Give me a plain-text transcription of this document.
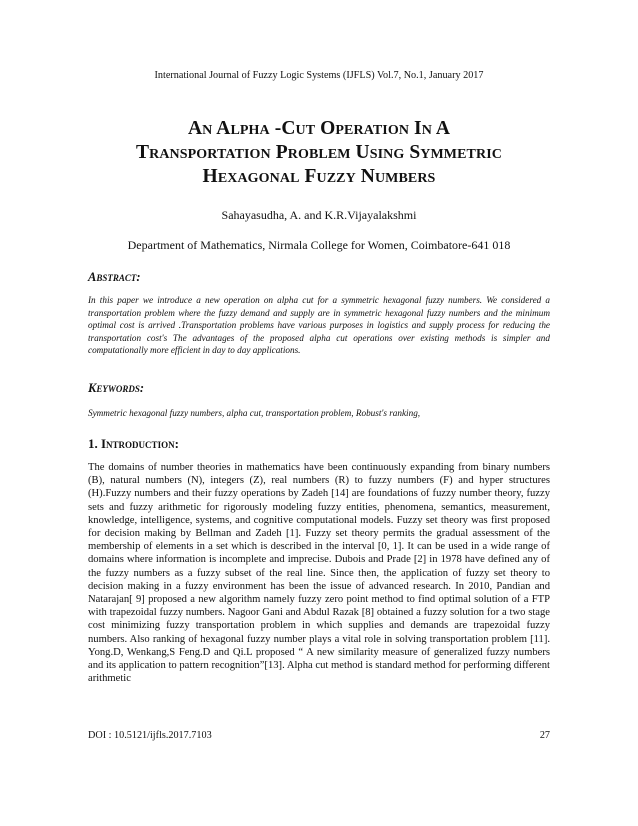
International Journal of Fuzzy Logic Systems (IJFLS) Vol.7, No.1, January 2017
An Alpha -Cut Operation In A
Transportation Problem Using Symmetric
Hexagonal Fuzzy Numbers
Sahayasudha, A. and K.R.Vijayalakshmi
Department of Mathematics, Nirmala College for Women, Coimbatore-641 018
Abstract:
In this paper we introduce a new operation on alpha cut for a symmetric hexagonal fuzzy numbers. We considered a transportation problem where the fuzzy demand and supply are in symmetric hexagonal fuzzy numbers and the minimum optimal cost is arrived .Transportation problems have various purposes in logistics and supply process for reducing the transportation cost's The advantages of the proposed alpha cut operations over existing methods is simpler and computationally more efficient in day to day applications.
Keywords:
Symmetric hexagonal fuzzy numbers, alpha cut, transportation problem, Robust's ranking,
1. Introduction:
The domains of number theories in mathematics have been continuously expanding from binary numbers (B), natural numbers (N), integers (Z), real numbers (R) to fuzzy numbers (F) and hyper structures (H).Fuzzy numbers and their fuzzy operations by Zadeh [14] are foundations of fuzzy number theory, fuzzy sets and fuzzy arithmetic for rigorously modeling fuzzy entities, phenomena, semantics, measurement, knowledge, intelligence, systems, and cognitive computational models. Fuzzy set theory was first proposed for decision making by Bellman and Zadeh [1]. Fuzzy set theory permits the gradual assessment of the membership of elements in a set which is described in the interval [0, 1]. It can be used in a wide range of domains where information is incomplete and imprecise. Dubois and Prade [2] in 1978 have defined any of the fuzzy numbers as a fuzzy subset of the real line. Since then, the application of fuzzy set theory to decision making in a fuzzy environment has been the issue of advanced research. In 2010, Pandian and Natarajan[ 9] proposed a new algorithm namely fuzzy zero point method to find optimal solution of a FTP with trapezoidal fuzzy numbers. Nagoor Gani and Abdul Razak [8] obtained a fuzzy solution for a two stage cost minimizing fuzzy transportation problem in which supplies and demands are trapezoidal fuzzy numbers. Also ranking of hexagonal fuzzy number plays a vital role in solving transportation problem [11]. Yong.D, Wenkang,S Feng.D and Qi.L proposed “ A new similarity measure of generalized fuzzy numbers and its application to pattern recognition”[13]. Alpha cut method is standard method for performing different arithmetic
DOI : 10.5121/ijfls.2017.7103	27
